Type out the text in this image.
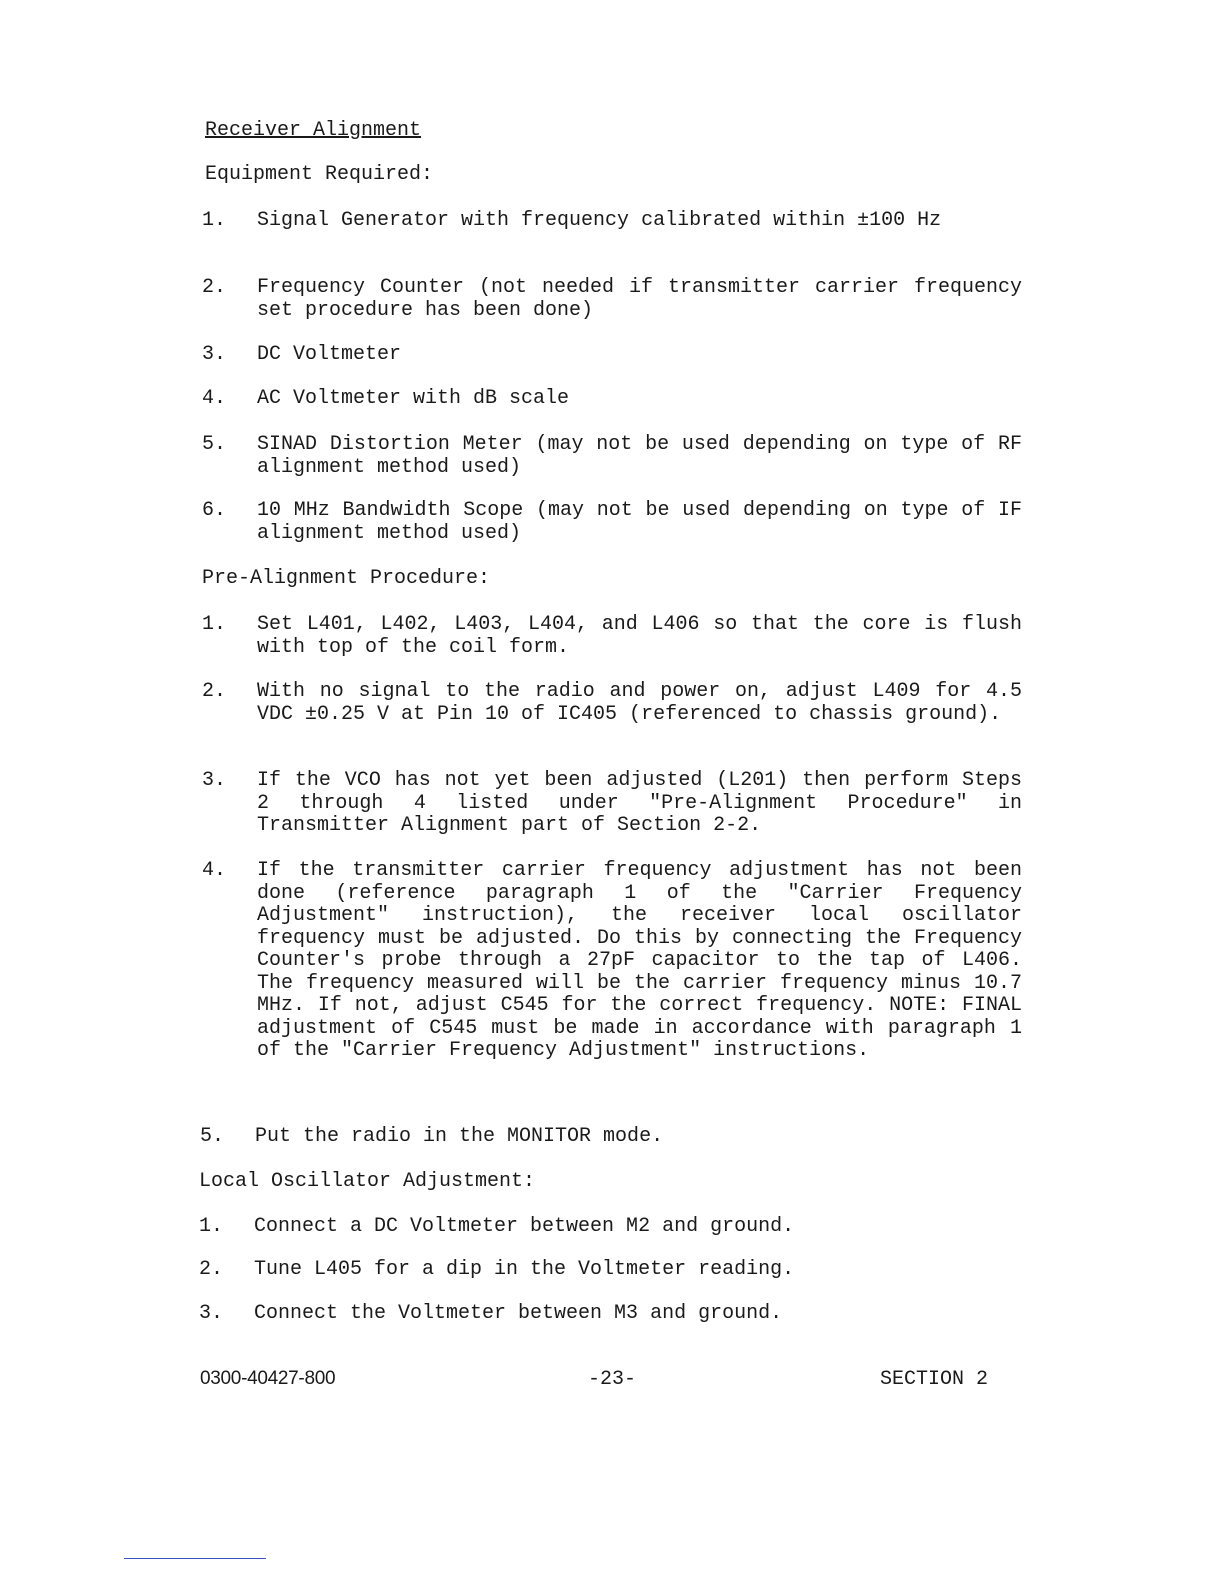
Receiver Alignment
Equipment Required:
1.	Signal Generator with frequency calibrated within ±100 Hz
2.	Frequency Counter (not needed if transmitter carrier frequency set procedure has been done)
3.	DC Voltmeter
4.	AC Voltmeter with dB scale
5.	SINAD Distortion Meter (may not be used depending on type of RF alignment method used)
6.	10 MHz Bandwidth Scope (may not be used depending on type of IF alignment method used)
Pre-Alignment Procedure:
1.	Set L401, L402, L403, L404, and L406 so that the core is flush with top of the coil form.
2.	With no signal to the radio and power on, adjust L409 for 4.5 VDC ±0.25 V at Pin 10 of IC405 (referenced to chassis ground).
3.	If the VCO has not yet been adjusted (L201) then perform Steps 2 through 4 listed under "Pre-Alignment Procedure" in Transmitter Alignment part of Section 2-2.
4.	If the transmitter carrier frequency adjustment has not been done (reference paragraph 1 of the "Carrier Frequency Adjustment" instruction), the receiver local oscillator frequency must be adjusted. Do this by connecting the Frequency Counter's probe through a 27pF capacitor to the tap of L406. The frequency measured will be the carrier frequency minus 10.7 MHz. If not, adjust C545 for the correct frequency. NOTE: FINAL adjustment of C545 must be made in accordance with paragraph 1 of the "Carrier Frequency Adjustment" instructions.
5.	Put the radio in the MONITOR mode.
Local Oscillator Adjustment:
1.	Connect a DC Voltmeter between M2 and ground.
2.	Tune L405 for a dip in the Voltmeter reading.
3.	Connect the Voltmeter between M3 and ground.
0300-40427-800	-23-	SECTION 2
